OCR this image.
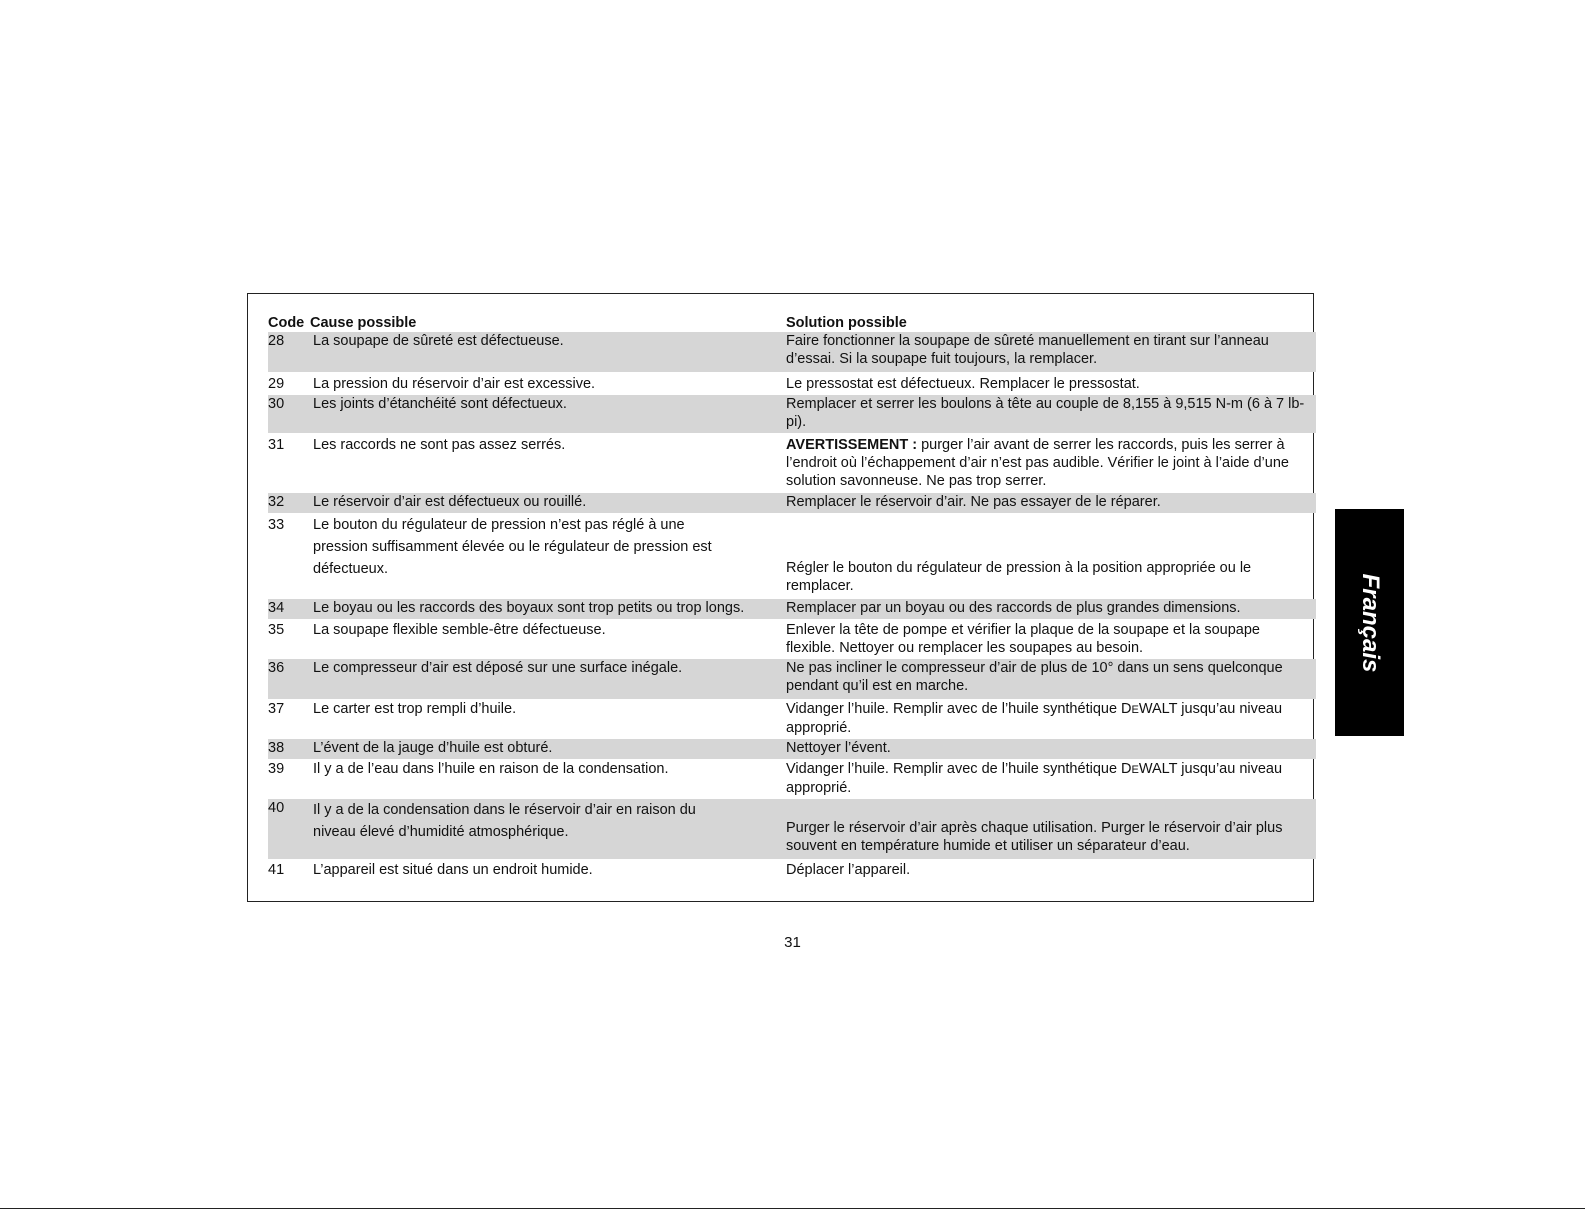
Code Cause possible	Solution possible
28	La soupape de sûreté est défectueuse.	Faire fonctionner la soupape de sûreté manuellement en tirant sur l’anneau d’essai. Si la soupape fuit toujours, la remplacer.
29	La pression du réservoir d’air est excessive.	Le pressostat est défectueux. Remplacer le pressostat.
30	Les joints d’étanchéité sont défectueux.	Remplacer et serrer les boulons à tête au couple de 8,155 à 9,515 N-m (6 à 7 lb-pi).
31	Les raccords ne sont pas assez serrés.	AVERTISSEMENT : purger l’air avant de serrer les raccords, puis les serrer à l’endroit où l’échappement d’air n’est pas audible. Vérifier le joint à l’aide d’une solution savonneuse. Ne pas trop serrer.
32	Le réservoir d’air est défectueux ou rouillé.	Remplacer le réservoir d’air. Ne pas essayer de le réparer.
33	Le bouton du régulateur de pression n’est pas réglé à une pression suffisamment élevée ou le régulateur de pression est défectueux.	Régler le bouton du régulateur de pression à la position appropriée ou le remplacer.
34	Le boyau ou les raccords des boyaux sont trop petits ou trop longs.	Remplacer par un boyau ou des raccords de plus grandes dimensions.
35	La soupape flexible semble-être défectueuse.	Enlever la tête de pompe et vérifier la plaque de la soupape et la soupape flexible. Nettoyer ou remplacer les soupapes au besoin.
36	Le compresseur d’air est déposé sur une surface inégale.	Ne pas incliner le compresseur d’air de plus de 10° dans un sens quelconque pendant qu’il est en marche.
37	Le carter est trop rempli d’huile.	Vidanger l’huile. Remplir avec de l’huile synthétique DEWALT jusqu’au niveau approprié.
38	L’évent de la jauge d’huile est obturé.	Nettoyer l’évent.
39	Il y a de l’eau dans l’huile en raison de la condensation.	Vidanger l’huile. Remplir avec de l’huile synthétique DEWALT jusqu’au niveau approprié.
40	Il y a de la condensation dans le réservoir d’air en raison du niveau élevé d’humidité atmosphérique.	Purger le réservoir d’air après chaque utilisation. Purger le réservoir d’air plus souvent en température humide et utiliser un séparateur d’eau.
41	L’appareil est situé dans un endroit humide.	Déplacer l’appareil.
Français
31
